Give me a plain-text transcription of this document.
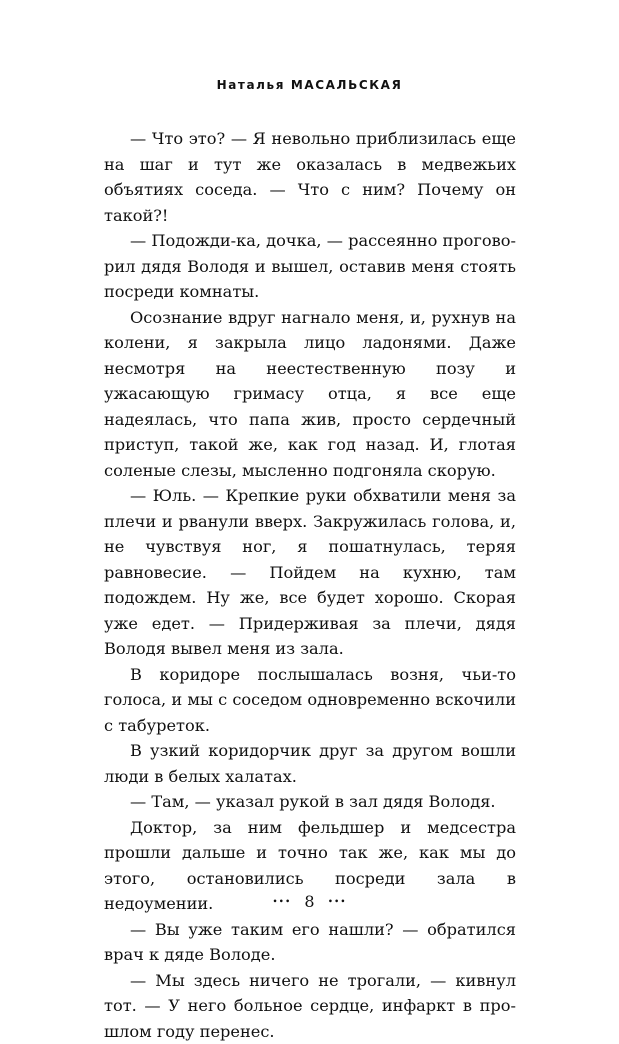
Наталья МАСАЛЬСКАЯ

— Что это? — Я невольно приблизилась еще на шаг и тут же оказалась в медвежьих объятиях соседа. — Что с ним? Почему он такой?!

— Подожди-ка, дочка, — рассеянно проговорил дядя Володя и вышел, оставив меня стоять посреди комнаты.

Осознание вдруг нагнало меня, и, рухнув на колени, я закрыла лицо ладонями. Даже несмотря на неестественную позу и ужасающую гримасу отца, я все еще надеялась, что папа жив, просто сердечный приступ, такой же, как год назад. И, глотая соленые слезы, мысленно подгоняла скорую.

— Юль. — Крепкие руки обхватили меня за плечи и рванули вверх. Закружилась голова, и, не чувствуя ног, я пошатнулась, теряя равновесие. — Пойдем на кухню, там подождем. Ну же, все будет хорошо. Скорая уже едет. — Придерживая за плечи, дядя Володя вывел меня из зала.

В коридоре послышалась возня, чьи-то голоса, и мы с соседом одновременно вскочили с табуреток.

В узкий коридорчик друг за другом вошли люди в белых халатах.

— Там, — указал рукой в зал дядя Володя.

Доктор, за ним фельдшер и медсестра прошли дальше и точно так же, как мы до этого, остановились посреди зала в недоумении.

— Вы уже таким его нашли? — обратился врач к дяде Володе.

— Мы здесь ничего не трогали, — кивнул тот. — У него больное сердце, инфаркт в прошлом году перенес.

••• 8 •••
